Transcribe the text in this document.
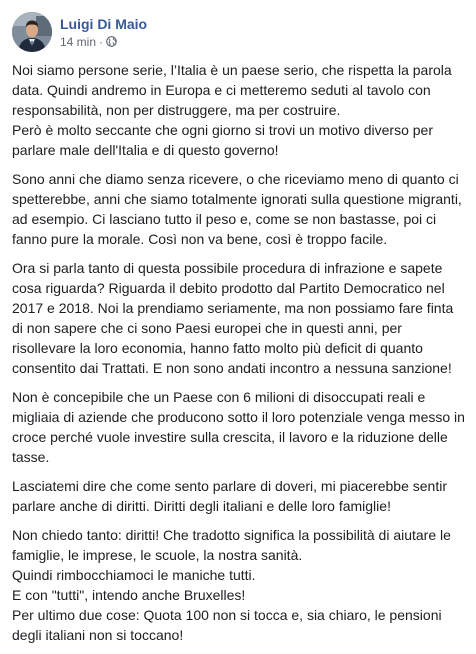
Luigi Di Maio
14 min ·

Noi siamo persone serie, l’Italia è un paese serio, che rispetta la parola data. Quindi andremo in Europa e ci metteremo seduti al tavolo con responsabilità, non per distruggere, ma per costruire.
Però è molto seccante che ogni giorno si trovi un motivo diverso per parlare male dell'Italia e di questo governo!

Sono anni che diamo senza ricevere, o che riceviamo meno di quanto ci spetterebbe, anni che siamo totalmente ignorati sulla questione migranti, ad esempio. Ci lasciano tutto il peso e, come se non bastasse, poi ci fanno pure la morale. Così non va bene, così è troppo facile.

Ora si parla tanto di questa possibile procedura di infrazione e sapete cosa riguarda? Riguarda il debito prodotto dal Partito Democratico nel 2017 e 2018. Noi la prendiamo seriamente, ma non possiamo fare finta di non sapere che ci sono Paesi europei che in questi anni, per risollevare la loro economia, hanno fatto molto più deficit di quanto consentito dai Trattati. E non sono andati incontro a nessuna sanzione!

Non è concepibile che un Paese con 6 milioni di disoccupati reali e migliaia di aziende che producono sotto il loro potenziale venga messo in croce perché vuole investire sulla crescita, il lavoro e la riduzione delle tasse.

Lasciatemi dire che come sento parlare di doveri, mi piacerebbe sentir parlare anche di diritti. Diritti degli italiani e delle loro famiglie!

Non chiedo tanto: diritti! Che tradotto significa la possibilità di aiutare le famiglie, le imprese, le scuole, la nostra sanità.
Quindi rimbocchiamoci le maniche tutti.
E con "tutti", intendo anche Bruxelles!
Per ultimo due cose: Quota 100 non si tocca e, sia chiaro, le pensioni degli italiani non si toccano!
